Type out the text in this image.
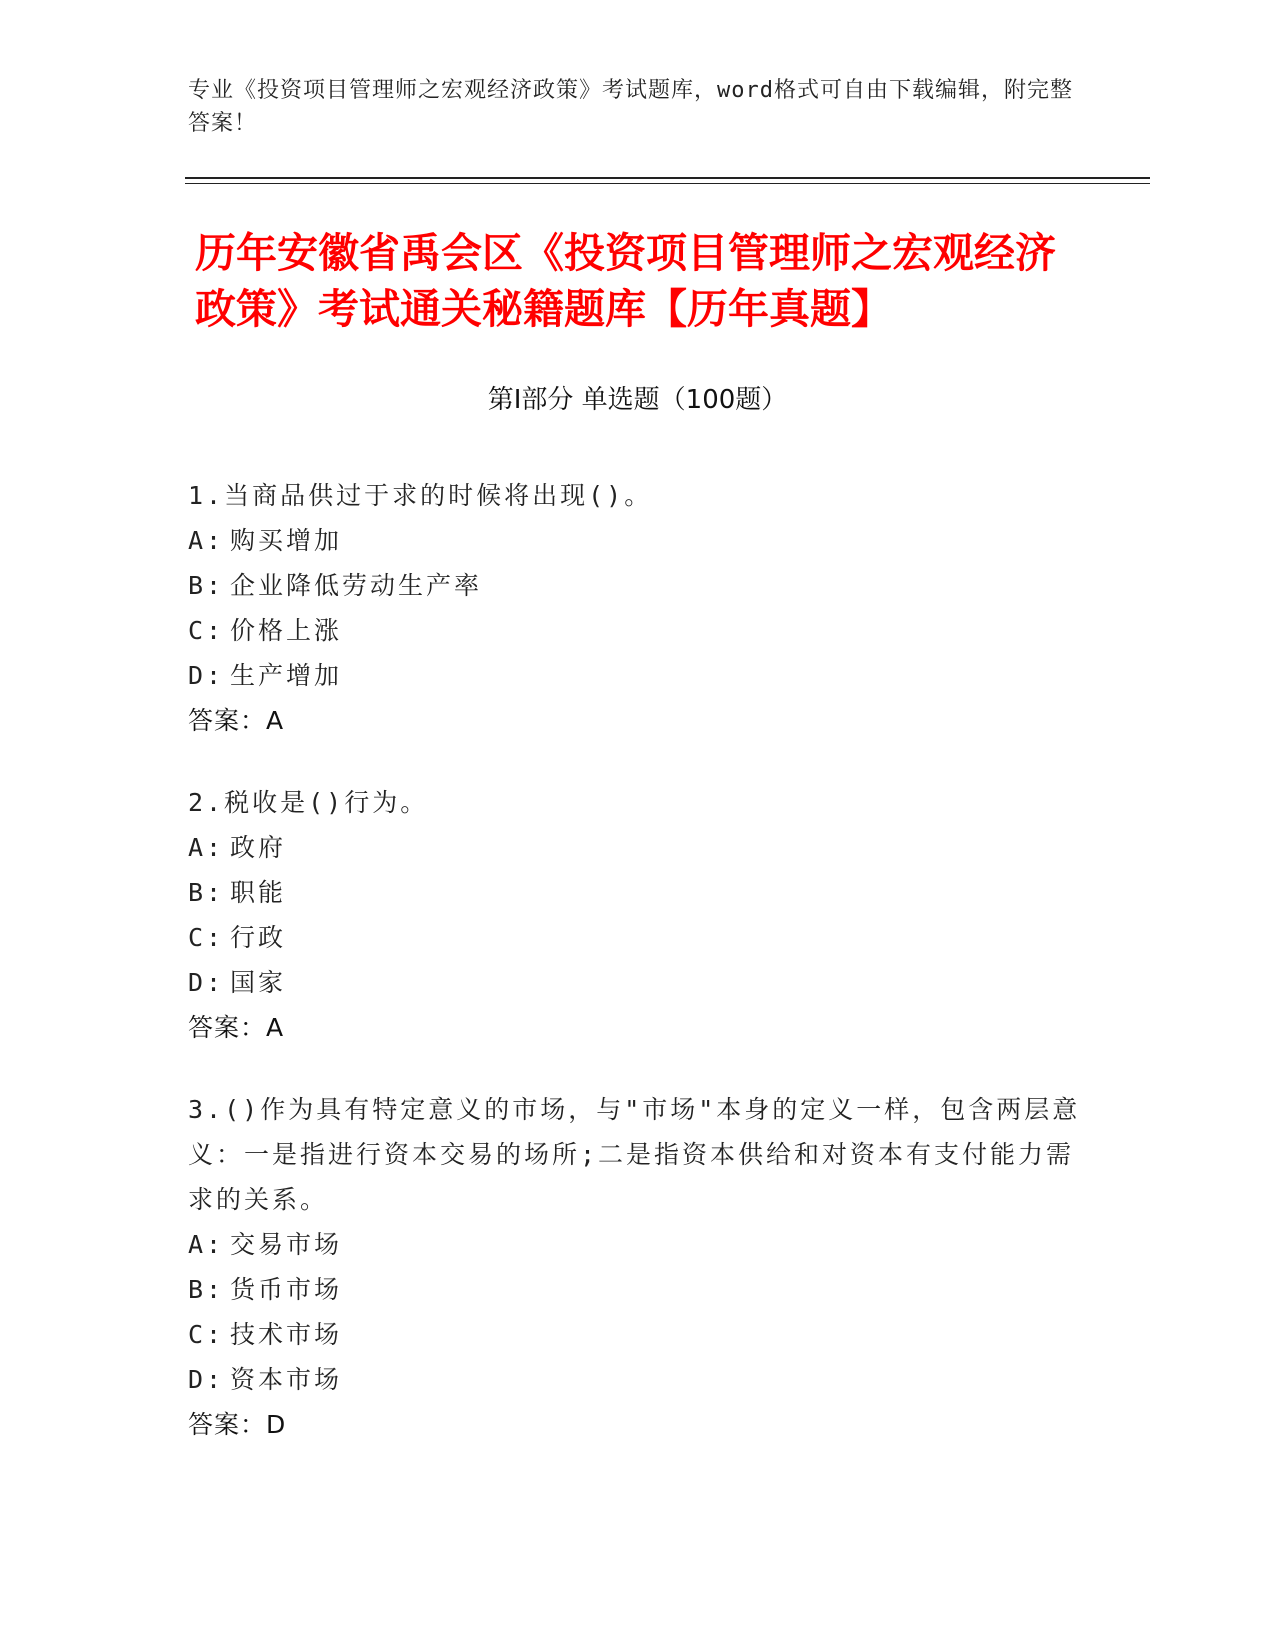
专业《投资项目管理师之宏观经济政策》考试题库，word格式可自由下载编辑，附完整答案！
历年安徽省禹会区《投资项目管理师之宏观经济政策》考试通关秘籍题库【历年真题】
第Ⅰ部分 单选题（100题）
1.当商品供过于求的时候将出现()。
A: 购买增加
B: 企业降低劳动生产率
C: 价格上涨
D: 生产增加
答案：A
2.税收是()行为。
A: 政府
B: 职能
C: 行政
D: 国家
答案：A
3.()作为具有特定意义的市场，与"市场"本身的定义一样，包含两层意义：一是指进行资本交易的场所;二是指资本供给和对资本有支付能力需求的关系。
A: 交易市场
B: 货币市场
C: 技术市场
D: 资本市场
答案：D
